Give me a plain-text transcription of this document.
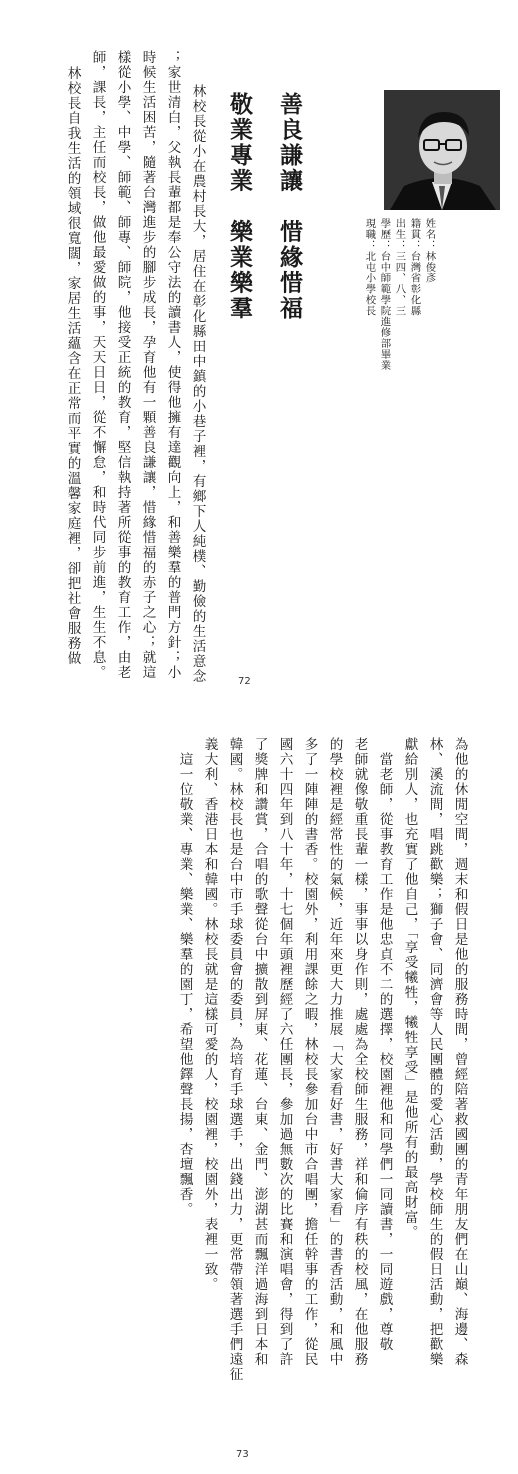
姓名：林俊彥
籍貫：台灣省彰化縣
出生：三四、八、三
學歷：台中師範學院進修部畢業
現職：北屯小學校長
善良謙讓　惜緣惜福
敬業專業　樂業樂羣
林校長從小在農村長大，居住在彰化縣田中鎮的小巷子裡，有鄉下人純樸、勤儉的生活意念
；家世清白，父執長輩都是奉公守法的讀書人，使得他擁有達觀向上，和善樂羣的普門方針；小
時候生活困苦，隨著台灣進步的腳步成長，孕育他有一顆善良謙讓，惜緣惜福的赤子之心；就這
樣從小學、中學、師範、師專、師院，他接受正統的教育，堅信執持著所從事的教育工作，由老
師，課長，主任而校長，做他最愛做的事，天天日日，從不懈怠，和時代同步前進，生生不息。
林校長自我生活的領域很寬闊，家居生活蘊含在正常而平實的溫馨家庭裡，卻把社會服務做
72
為他的休閒空間，週末和假日是他的服務時間，曾經陪著救國團的青年朋友們在山巔、海邊、森
林、溪流間，唱跳歡樂；獅子會、同濟會等人民團體的愛心活動，學校師生的假日活動，把歡樂
獻給別人，也充實了他自己，「享受犧牲，犧牲享受」是他所有的最高財富。
　當老師，從事教育工作是他忠貞不二的選擇，校園裡他和同學們一同讀書，一同遊戲，尊敬
老師就像敬重長輩一樣，事事以身作則，處處為全校師生服務，祥和倫序有秩的校風，在他服務
的學校裡是經常性的氣候，近年來更大力推展「大家看好書，好書大家看」的書香活動，和風中
多了一陣陣的書香。校園外，利用課餘之暇，林校長參加台中市合唱團，擔任幹事的工作，從民
國六十四年到八十年，十七個年頭裡歷經了六任團長，參加過無數次的比賽和演唱會，得到了許
了獎牌和讚賞，合唱的歌聲從台中擴散到屏東、花蓮、台東、金門、澎湖甚而飄洋過海到日本和
韓國。林校長也是台中市手球委員會的委員，為培育手球選手，出錢出力，更常帶領著選手們遠征
義大利、香港日本和韓國。林校長就是這樣可愛的人，校園裡，校園外，表裡一致。
　這一位敬業、專業、樂業、樂羣的園丁，希望他鐸聲長揚，杏壇飄香。
73
